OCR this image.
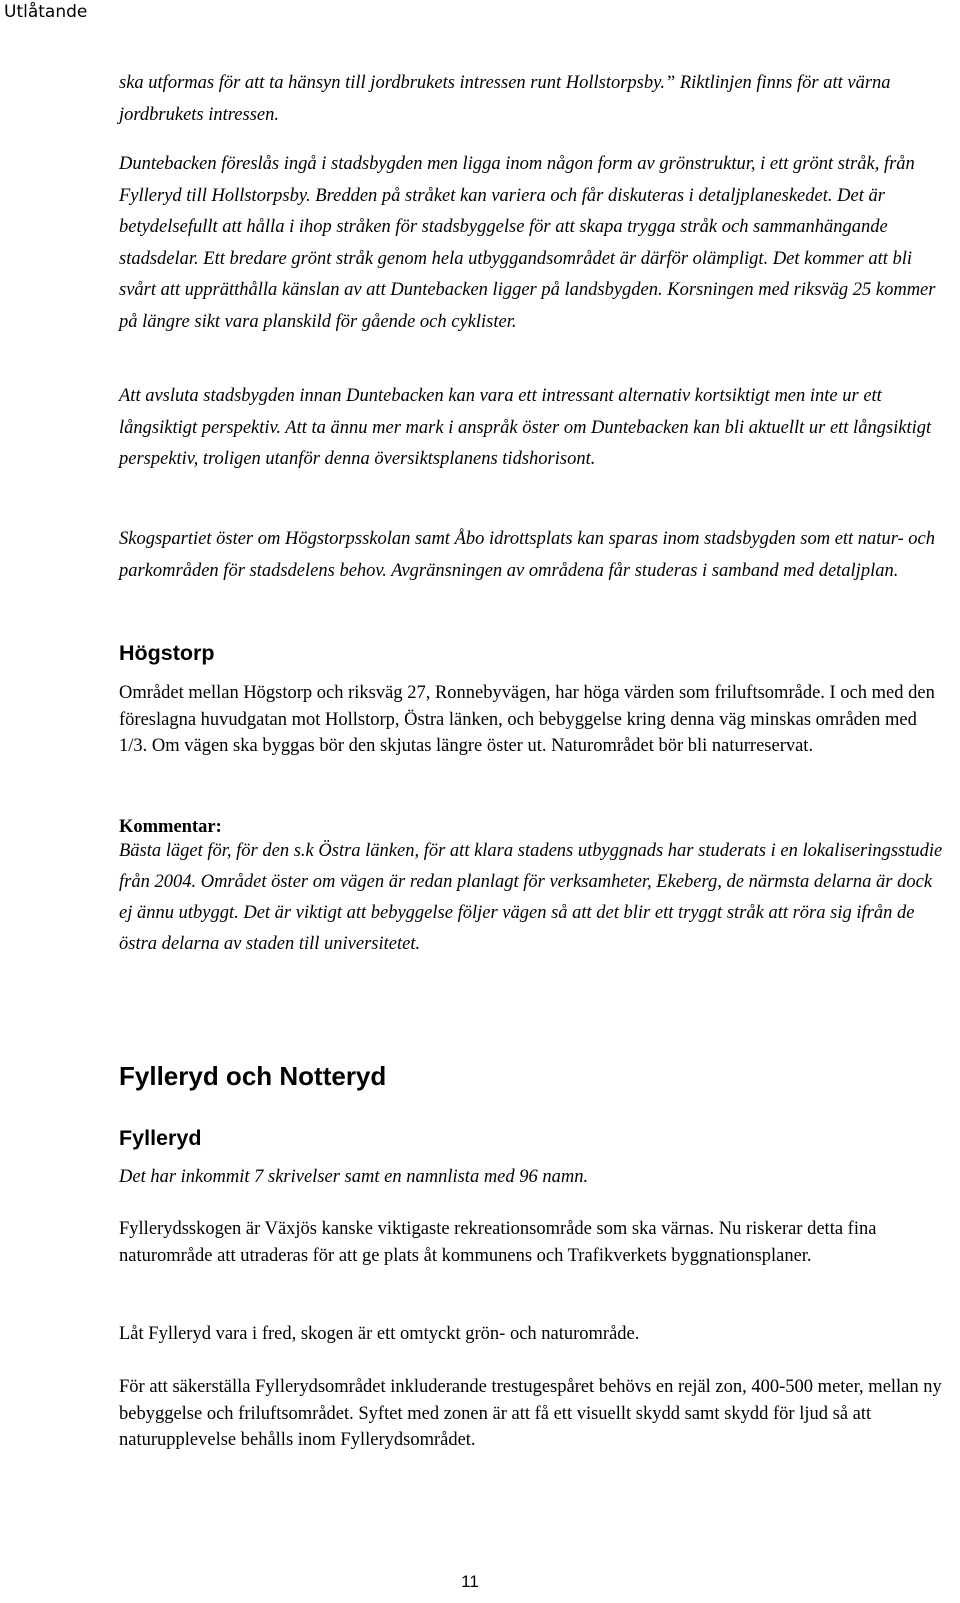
Utlåtande

ska utformas för att ta hänsyn till jordbrukets intressen runt Hollstorpsby.” Riktlinjen finns för att värna jordbrukets intressen.

Duntebacken föreslås ingå i stadsbygden men ligga inom någon form av grönstruktur, i ett grönt stråk, från Fylleryd till Hollstorpsby. Bredden på stråket kan variera och får diskuteras i detaljplaneskedet. Det är betydelsefullt att hålla i ihop stråken för stadsbyggelse för att skapa trygga stråk och sammanhängande stadsdelar. Ett bredare grönt stråk genom hela utbyggandsområdet är därför olämpligt. Det kommer att bli svårt att upprätthålla känslan av att Duntebacken ligger på landsbygden. Korsningen med riksväg 25 kommer på längre sikt vara planskild för gående och cyklister.

Att avsluta stadsbygden innan Duntebacken kan vara ett intressant alternativ kortsiktigt men inte ur ett långsiktigt perspektiv. Att ta ännu mer mark i anspråk öster om Duntebacken kan bli aktuellt ur ett långsiktigt perspektiv, troligen utanför denna översiktsplanens tidshorisont.

Skogspartiet öster om Högstorpsskolan samt Åbo idrottsplats kan sparas inom stadsbygden som ett natur- och parkområden för stadsdelens behov. Avgränsningen av områdena får studeras i samband med detaljplan.

Högstorp

Området mellan Högstorp och riksväg 27, Ronnebyvägen, har höga värden som friluftsområde. I och med den föreslagna huvudgatan mot Hollstorp, Östra länken, och bebyggelse kring denna väg minskas områden med 1/3. Om vägen ska byggas bör den skjutas längre öster ut. Naturområdet bör bli naturreservat.

Kommentar:

Bästa läget för, för den s.k Östra länken, för att klara stadens utbyggnads har studerats i en lokaliseringsstudie från 2004. Området öster om vägen är redan planlagt för verksamheter, Ekeberg, de närmsta delarna är dock ej ännu utbyggt. Det är viktigt att bebyggelse följer vägen så att det blir ett tryggt stråk att röra sig ifrån de östra delarna av staden till universitetet.

Fylleryd och Notteryd
Fylleryd

Det har inkommit 7 skrivelser samt en namnlista med 96 namn.

Fyllerydsskogen är Växjös kanske viktigaste rekreationsområde som ska värnas. Nu riskerar detta fina naturområde att utraderas för att ge plats åt kommunens och Trafikverkets byggnationsplaner.

Låt Fylleryd vara i fred, skogen är ett omtyckt grön- och naturområde.

För att säkerställa Fyllerydsområdet inkluderande trestugespåret behövs en rejäl zon, 400-500 meter, mellan ny bebyggelse och friluftsområdet. Syftet med zonen är att få ett visuellt skydd samt skydd för ljud så att naturupplevelse behålls inom Fyllerydsområdet.

11
